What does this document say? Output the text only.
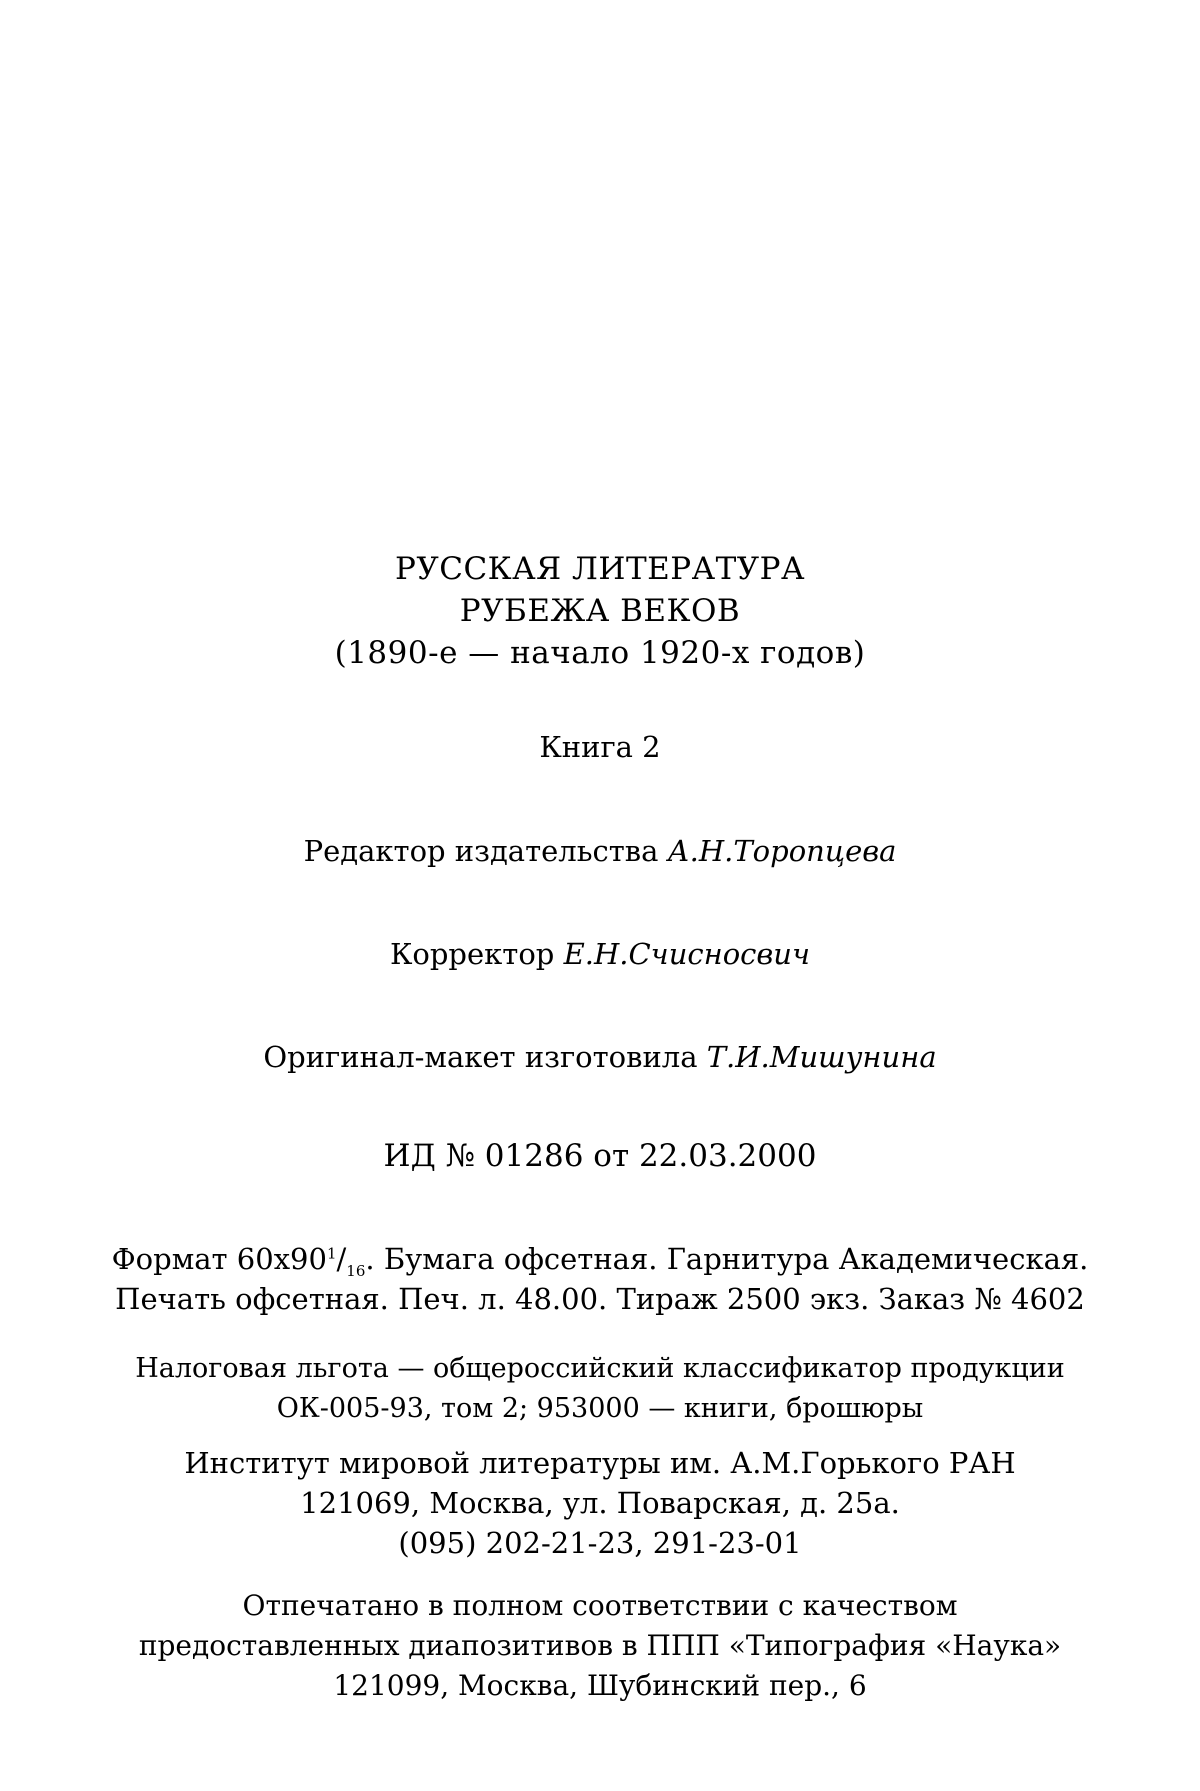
РУССКАЯ ЛИТЕРАТУРА
РУБЕЖА ВЕКОВ
(1890-е — начало 1920-х годов)
Книга 2
Редактор издательства А.Н.Торопцева
Корректор Е.Н.Счисносвич
Оригинал-макет изготовила Т.И.Мишунина
ИД № 01286 от 22.03.2000
Формат $60x90^1/_{16}$. Бумага офсетная. Гарнитура Академическая.
Печать офсетная. Печ. л. 48.00. Тираж 2500 экз. Заказ № 4602
Налоговая льгота — общероссийский классификатор продукции
ОК-005-93, том 2; 953000 — книги, брошюры
Институт мировой литературы им. А.М.Горького РАН
121069, Москва, ул. Поварская, д. 25а.
(095) 202-21-23, 291-23-01
Отпечатано в полном соответствии с качеством
предоставленных диапозитивов в ППП «Типография «Наука»
121099, Москва, Шубинский пер., 6
